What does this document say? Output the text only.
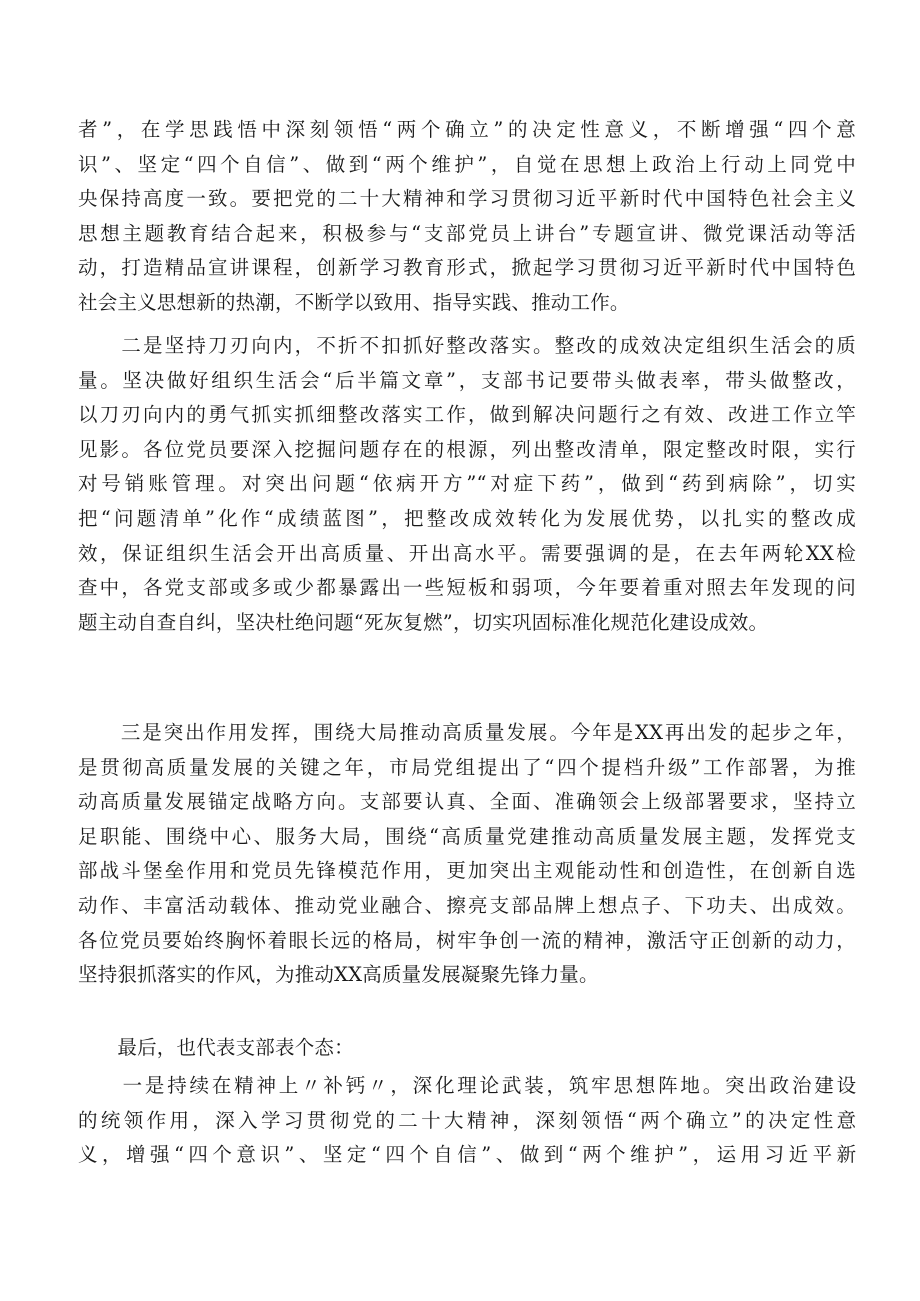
者”，在学思践悟中深刻领悟“两个确立”的决定性意义，不断增强“四个意
识”、坚定“四个自信”、做到“两个维护”，自觉在思想上政治上行动上同党中
央保持高度一致。要把党的二十大精神和学习贯彻习近平新时代中国特色社会主义
思想主题教育结合起来，积极参与“支部党员上讲台”专题宣讲、微党课活动等活
动，打造精品宣讲课程，创新学习教育形式，掀起学习贯彻习近平新时代中国特色
社会主义思想新的热潮，不断学以致用、指导实践、推动工作。
　　二是坚持刀刃向内，不折不扣抓好整改落实。整改的成效决定组织生活会的质
量。坚决做好组织生活会“后半篇文章”，支部书记要带头做表率，带头做整改，
以刀刃向内的勇气抓实抓细整改落实工作，做到解决问题行之有效、改进工作立竿
见影。各位党员要深入挖掘问题存在的根源，列出整改清单，限定整改时限，实行
对号销账管理。对突出问题“依病开方”“对症下药”，做到“药到病除”，切实
把“问题清单”化作“成绩蓝图”，把整改成效转化为发展优势，以扎实的整改成
效，保证组织生活会开出高质量、开出高水平。需要强调的是，在去年两轮XX检
查中，各党支部或多或少都暴露出一些短板和弱项，今年要着重对照去年发现的问
题主动自查自纠，坚决杜绝问题“死灰复燃”，切实巩固标准化规范化建设成效。
　　三是突出作用发挥，围绕大局推动高质量发展。今年是XX再出发的起步之年，
是贯彻高质量发展的关键之年，市局党组提出了“四个提档升级”工作部署，为推
动高质量发展锚定战略方向。支部要认真、全面、准确领会上级部署要求，坚持立
足职能、围绕中心、服务大局，围绕“高质量党建推动高质量发展主题，发挥党支
部战斗堡垒作用和党员先锋模范作用，更加突出主观能动性和创造性，在创新自选
动作、丰富活动载体、推动党业融合、擦亮支部品牌上想点子、下功夫、出成效。
各位党员要始终胸怀着眼长远的格局，树牢争创一流的精神，激活守正创新的动力，
坚持狠抓落实的作风，为推动XX高质量发展凝聚先锋力量。
　　最后，也代表支部表个态：
　　一是持续在精神上〃补钙〃，深化理论武装，筑牢思想阵地。突出政治建设
的统领作用，深入学习贯彻党的二十大精神，深刻领悟“两个确立”的决定性意
义，增强“四个意识”、坚定“四个自信”、做到“两个维护”，运用习近平新
